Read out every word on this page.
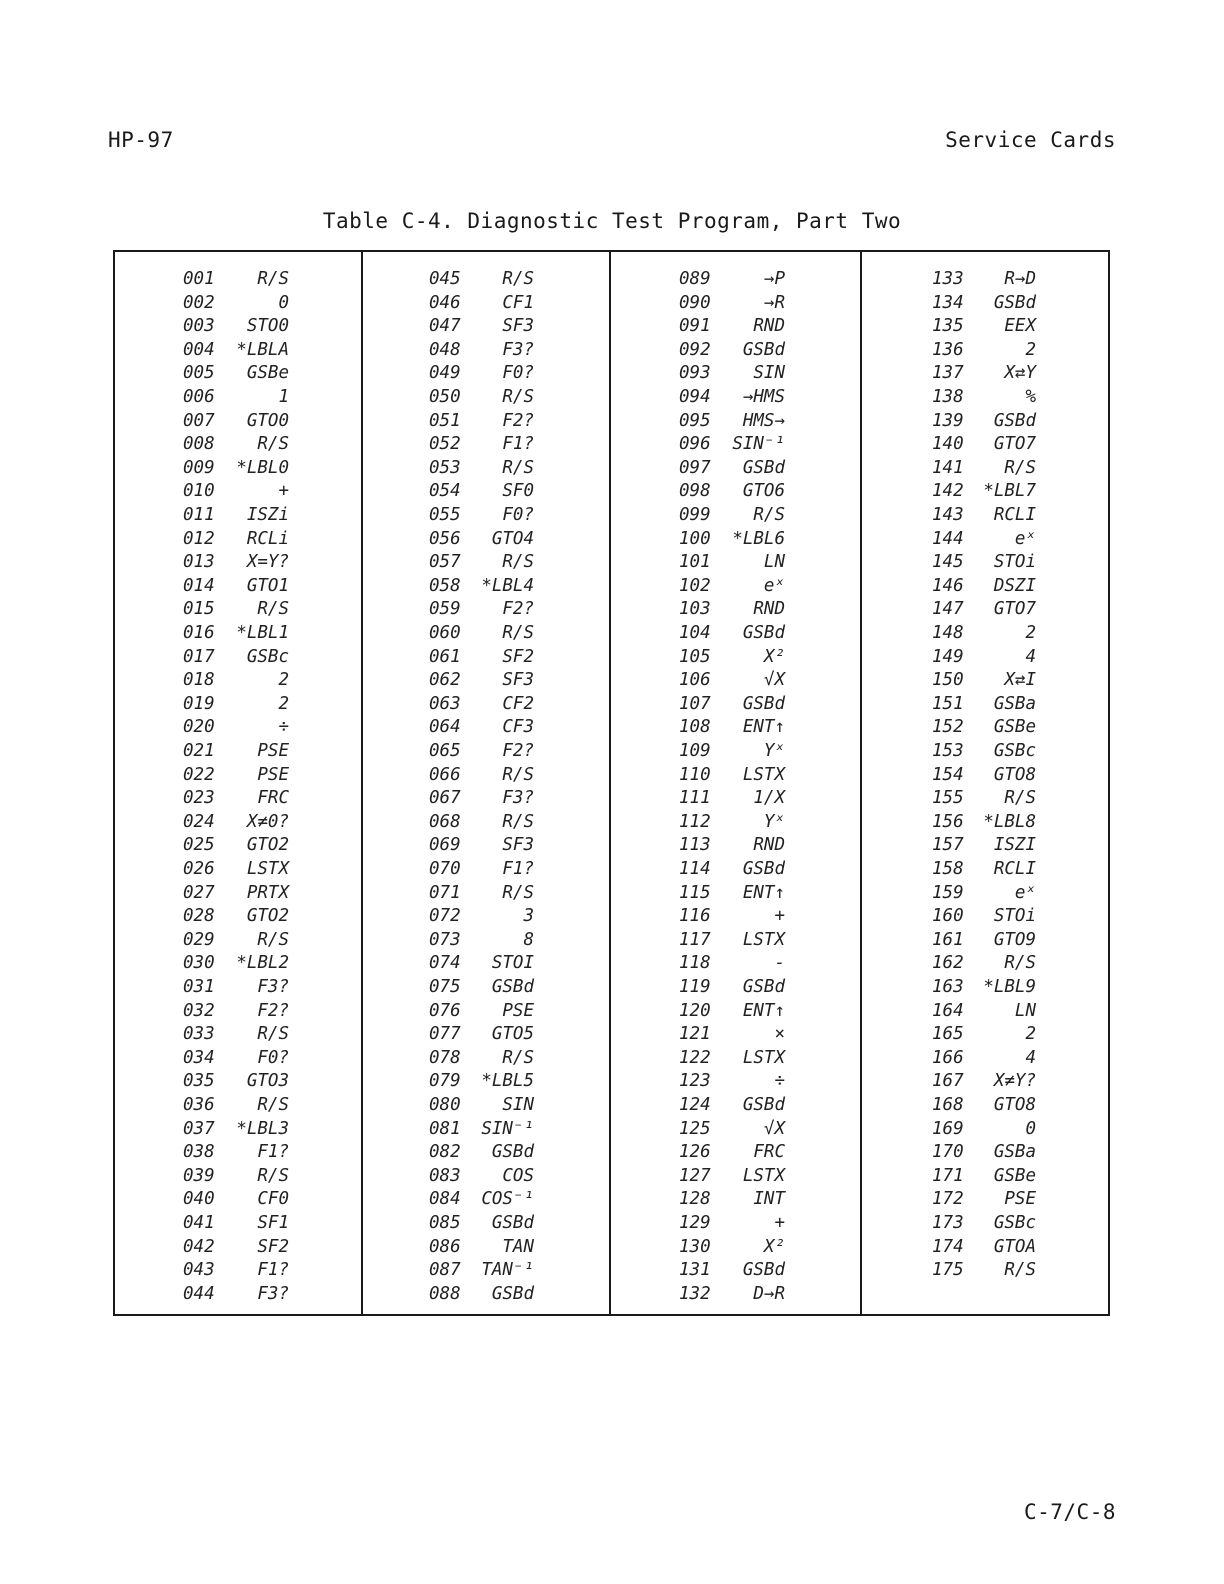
HP-97	Service Cards
Table C-4. Diagnostic Test Program, Part Two
001	R/S
002	0
003	STO0
004	*LBLA
005	GSBe
006	1
007	GTO0
008	R/S
009	*LBL0
010	+
011	ISZi
012	RCLi
013	X=Y?
014	GTO1
015	R/S
016	*LBL1
017	GSBc
018	2
019	2
020	÷
021	PSE
022	PSE
023	FRC
024	X≠0?
025	GTO2
026	LSTX
027	PRTX
028	GTO2
029	R/S
030	*LBL2
031	F3?
032	F2?
033	R/S
034	F0?
035	GTO3
036	R/S
037	*LBL3
038	F1?
039	R/S
040	CF0
041	SF1
042	SF2
043	F1?
044	F3?
045	R/S
046	CF1
047	SF3
048	F3?
049	F0?
050	R/S
051	F2?
052	F1?
053	R/S
054	SF0
055	F0?
056	GTO4
057	R/S
058	*LBL4
059	F2?
060	R/S
061	SF2
062	SF3
063	CF2
064	CF3
065	F2?
066	R/S
067	F3?
068	R/S
069	SF3
070	F1?
071	R/S
072	3
073	8
074	STOI
075	GSBd
076	PSE
077	GTO5
078	R/S
079	*LBL5
080	SIN
081	SIN⁻¹
082	GSBd
083	COS
084	COS⁻¹
085	GSBd
086	TAN
087	TAN⁻¹
088	GSBd
089	→P
090	→R
091	RND
092	GSBd
093	SIN
094	→HMS
095	HMS→
096	SIN⁻¹
097	GSBd
098	GTO6
099	R/S
100	*LBL6
101	LN
102	eˣ
103	RND
104	GSBd
105	X²
106	√X
107	GSBd
108	ENT↑
109	Yˣ
110	LSTX
111	1/X
112	Yˣ
113	RND
114	GSBd
115	ENT↑
116	+
117	LSTX
118	-
119	GSBd
120	ENT↑
121	×
122	LSTX
123	÷
124	GSBd
125	√X
126	FRC
127	LSTX
128	INT
129	+
130	X²
131	GSBd
132	D→R
133	R→D
134	GSBd
135	EEX
136	2
137	X⇄Y
138	%
139	GSBd
140	GTO7
141	R/S
142	*LBL7
143	RCLI
144	eˣ
145	STOi
146	DSZI
147	GTO7
148	2
149	4
150	X⇄I
151	GSBa
152	GSBe
153	GSBc
154	GTO8
155	R/S
156	*LBL8
157	ISZI
158	RCLI
159	eˣ
160	STOi
161	GTO9
162	R/S
163	*LBL9
164	LN
165	2
166	4
167	X≠Y?
168	GTO8
169	0
170	GSBa
171	GSBe
172	PSE
173	GSBc
174	GTOA
175	R/S
C-7/C-8
